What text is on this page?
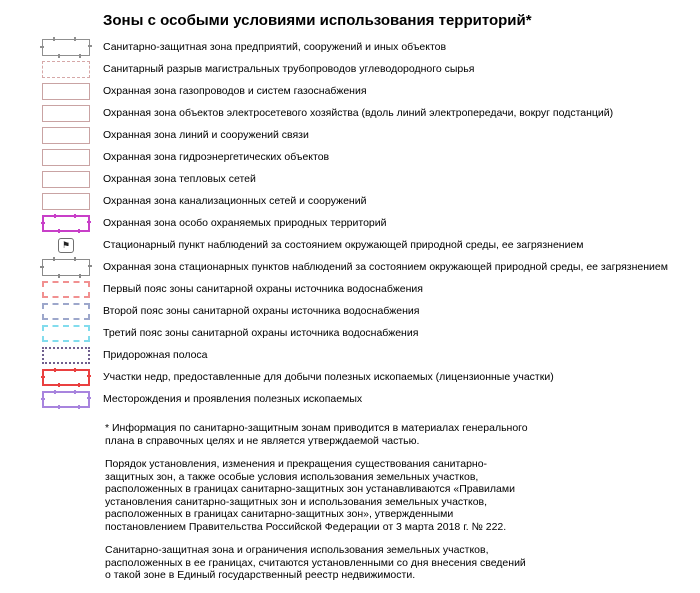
Зоны с особыми условиями использования территорий*
Санитарно-защитная зона предприятий, сооружений и иных объектов
Санитарный разрыв магистральных трубопроводов углеводородного сырья
Охранная зона газопроводов и систем газоснабжения
Охранная зона объектов электросетевого хозяйства (вдоль линий электропередачи, вокруг подстанций)
Охранная зона линий и сооружений связи
Охранная зона гидроэнергетических объектов
Охранная зона тепловых сетей
Охранная зона канализационных сетей и сооружений
Охранная зона особо охраняемых природных территорий
⚑	Стационарный пункт наблюдений за состоянием окружающей природной среды, ее загрязнением
Охранная зона стационарных пунктов наблюдений за состоянием окружающей природной среды, ее загрязнением
Первый пояс зоны санитарной охраны источника водоснабжения
Второй пояс зоны санитарной охраны источника водоснабжения
Третий пояс зоны санитарной охраны источника водоснабжения
Придорожная полоса
Участки недр, предоставленные для добычи полезных ископаемых (лицензионные участки)
Месторождения и проявления полезных ископаемых

* Информация по санитарно-защитным зонам приводится в материалах генерального плана в справочных целях и не является утверждаемой частью.

Порядок установления, изменения и прекращения существования санитарно-защитных зон, а также особые условия использования земельных участков, расположенных в границах санитарно-защитных зон устанавливаются «Правилами установления санитарно-защитных зон и использования земельных участков, расположенных в границах санитарно-защитных зон», утвержденными постановлением Правительства Российской Федерации от 3 марта 2018 г. № 222.

Санитарно-защитная зона и ограничения использования земельных участков, расположенных в ее границах, считаются установленными со дня внесения сведений о такой зоне в Единый государственный реестр недвижимости.
